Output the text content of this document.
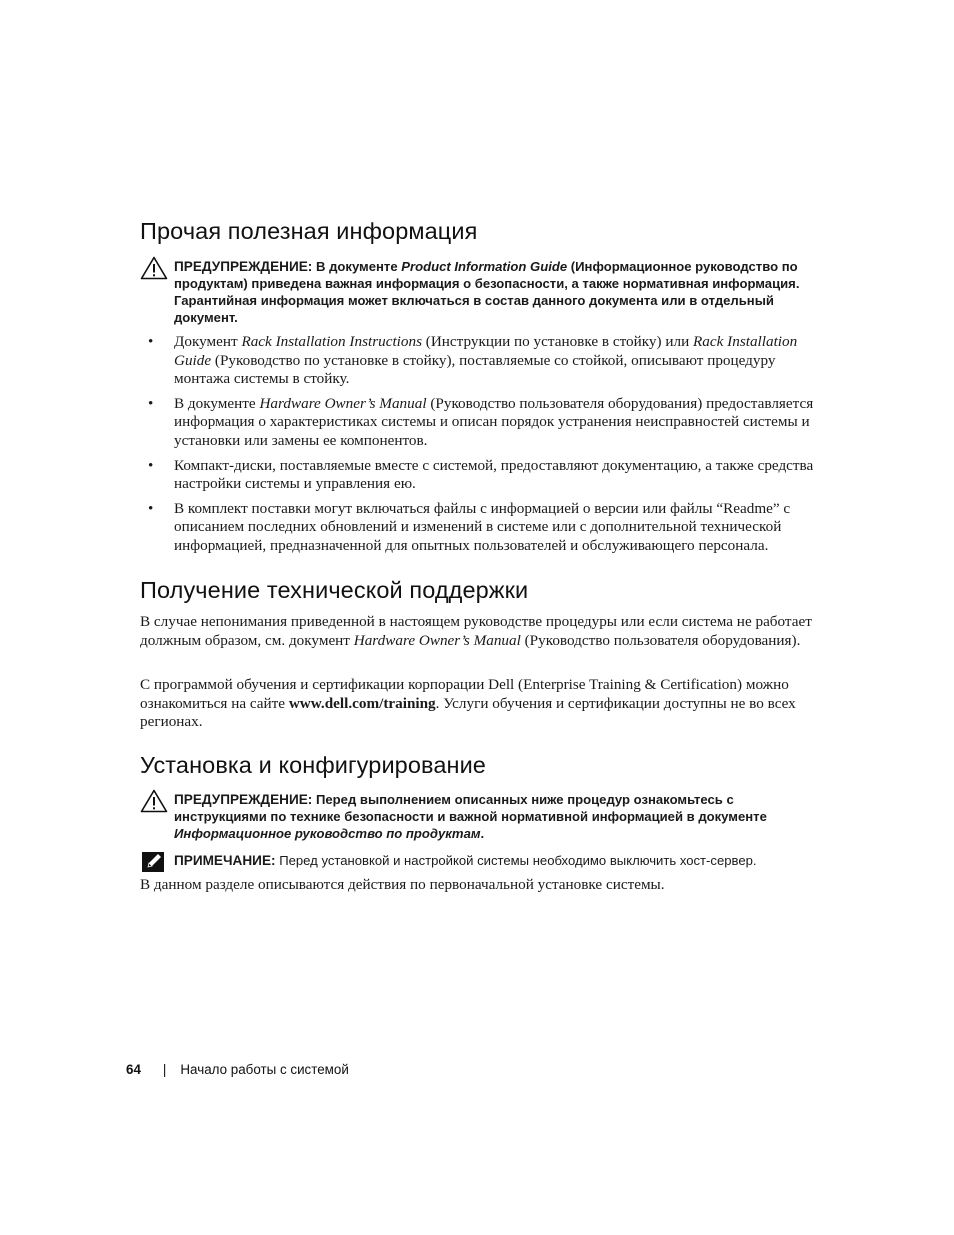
Прочая полезная информация
ПРЕДУПРЕЖДЕНИЕ: В документе Product Information Guide (Информационное руководство по продуктам) приведена важная информация о безопасности, а также нормативная информация. Гарантийная информация может включаться в состав данного документа или в отдельный документ.
• Документ Rack Installation Instructions (Инструкции по установке в стойку) или Rack Installation Guide (Руководство по установке в стойку), поставляемые со стойкой, описывают процедуру монтажа системы в стойку.
• В документе Hardware Owner’s Manual (Руководство пользователя оборудования) предоставляется информация о характеристиках системы и описан порядок устранения неисправностей системы и установки или замены ее компонентов.
• Компакт-диски, поставляемые вместе с системой, предоставляют документацию, а также средства настройки системы и управления ею.
• В комплект поставки могут включаться файлы с информацией о версии или файлы “Readme” с описанием последних обновлений и изменений в системе или с дополнительной технической информацией, предназначенной для опытных пользователей и обслуживающего персонала.
Получение технической поддержки

В случае непонимания приведенной в настоящем руководстве процедуры или если система не работает должным образом, см. документ Hardware Owner’s Manual (Руководство пользователя оборудования).

С программой обучения и сертификации корпорации Dell (Enterprise Training & Certification) можно ознакомиться на сайте www.dell.com/training. Услуги обучения и сертификации доступны не во всех регионах.

Установка и конфигурирование
ПРЕДУПРЕЖДЕНИЕ: Перед выполнением описанных ниже процедур ознакомьтесь с инструкциями по технике безопасности и важной нормативной информацией в документе Информационное руководство по продуктам.
ПРИМЕЧАНИЕ: Перед установкой и настройкой системы необходимо выключить хост-сервер.

В данном разделе описываются действия по первоначальной установке системы.

64 | Начало работы с системой
